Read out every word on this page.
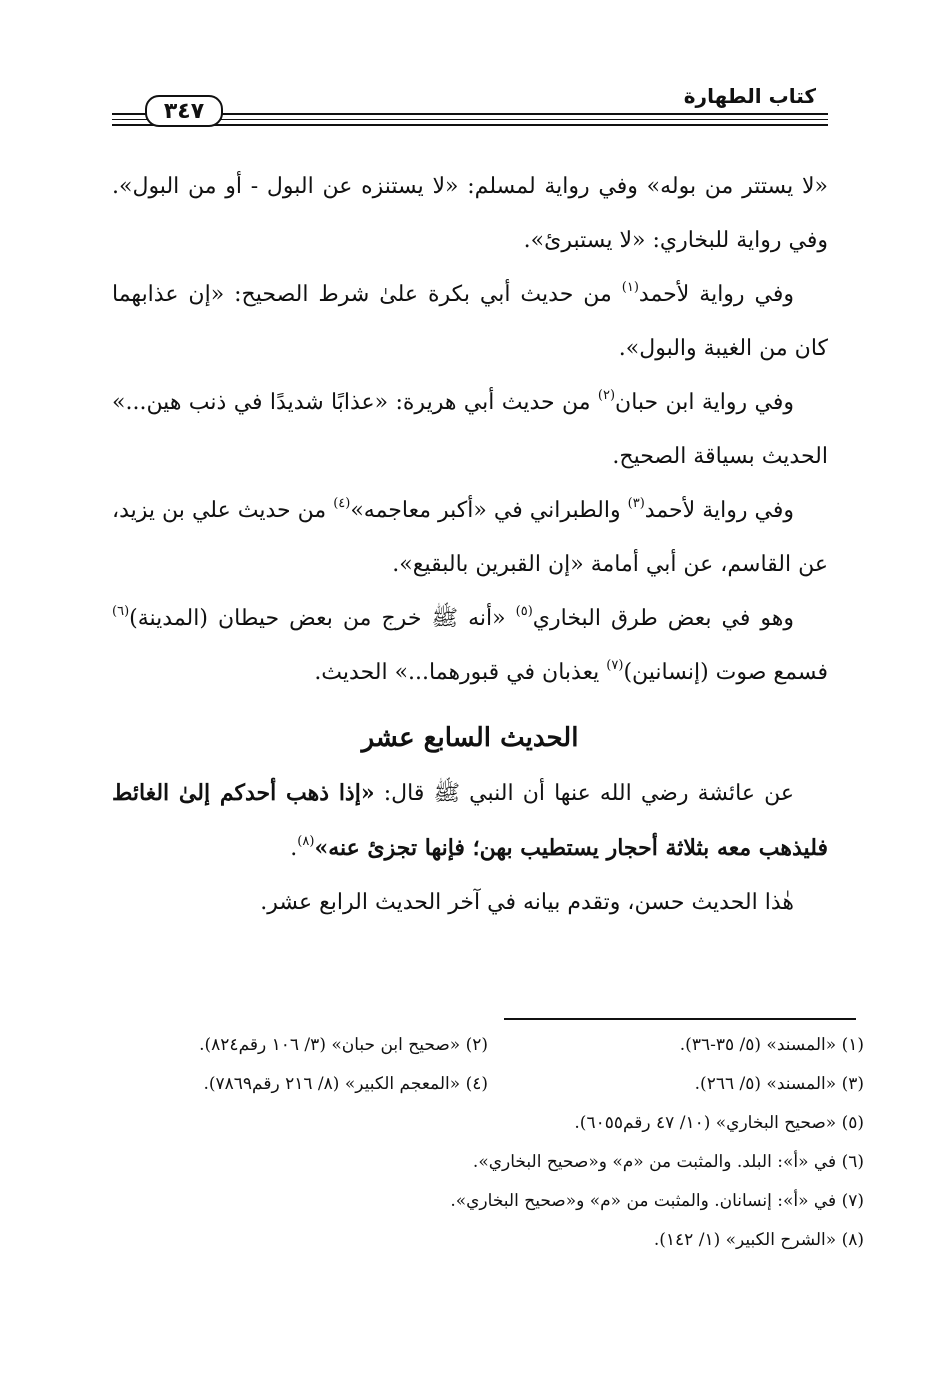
كتاب الطهارة
٣٤٧

«لا يستتر من بوله» وفي رواية لمسلم: «لا يستنزه عن البول - أو من البول». وفي رواية للبخاري: «لا يستبرئ».

وفي رواية لأحمد$^{(١)}$ من حديث أبي بكرة علىٰ شرط الصحيح: «إن عذابهما كان من الغيبة والبول».

وفي رواية ابن حبان$^{(٢)}$ من حديث أبي هريرة: «عذابًا شديدًا في ذنب هين...» الحديث بسياقة الصحيح.

وفي رواية لأحمد$^{(٣)}$ والطبراني في «أكبر معاجمه»$^{(٤)}$ من حديث علي بن يزيد، عن القاسم، عن أبي أمامة «إن القبرين بالبقيع».

وهو في بعض طرق البخاري$^{(٥)}$ «أنه ﷺ خرج من بعض حيطان (المدينة)$^{(٦)}$ فسمع صوت (إنسانين)$^{(٧)}$ يعذبان في قبورهما...» الحديث.

الحديث السابع عشر

عن عائشة رضي الله عنها أن النبي ﷺ قال: «إذا ذهب أحدكم إلىٰ الغائط فليذهب معه بثلاثة أحجار يستطيب بهن؛ فإنها تجزئ عنه»$^{(٨)}$.

هٰذا الحديث حسن، وتقدم بيانه في آخر الحديث الرابع عشر.

(١) «المسند» (٥/ ٣٥-٣٦).
(٢) «صحيح ابن حبان» (٣/ ١٠٦ رقم٨٢٤).
(٣) «المسند» (٥/ ٢٦٦).
(٤) «المعجم الكبير» (٨/ ٢١٦ رقم٧٨٦٩).
(٥) «صحيح البخاري» (١٠/ ٤٧ رقم٦٠٥٥).
(٦) في «أ»: البلد. والمثبت من «م» و«صحيح البخاري».
(٧) في «أ»: إنسانان. والمثبت من «م» و«صحيح البخاري».
(٨) «الشرح الكبير» (١/ ١٤٢).
